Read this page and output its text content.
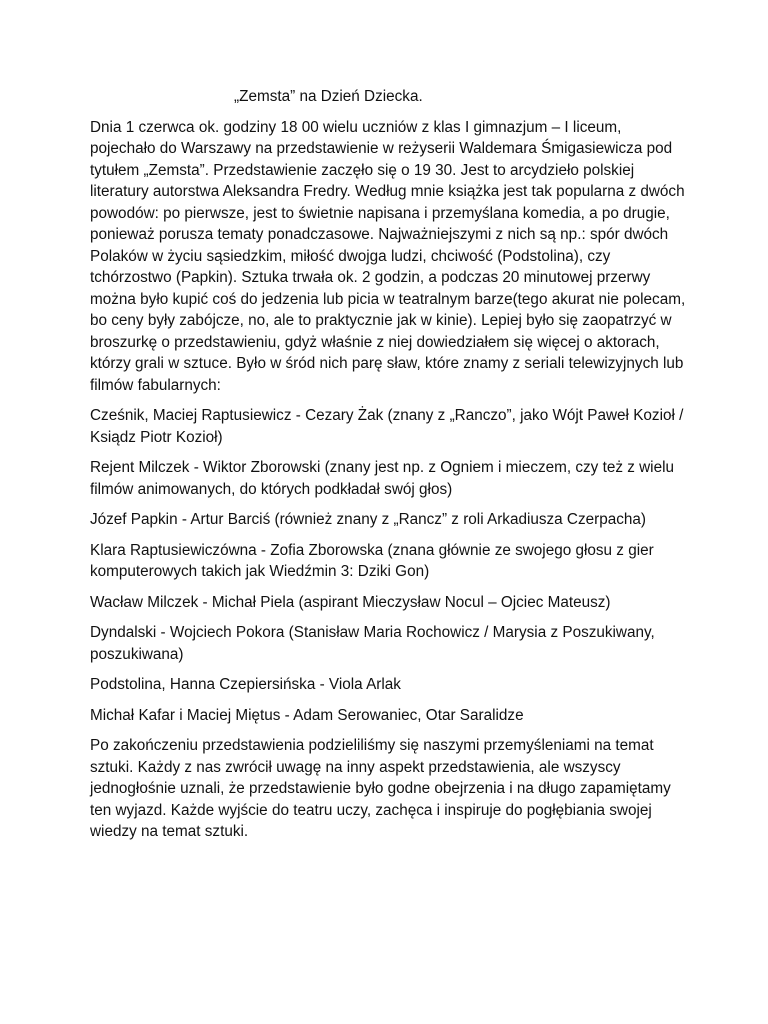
„Zemsta” na Dzień Dziecka.

Dnia 1 czerwca ok. godziny 18 00 wielu uczniów z klas I gimnazjum – I liceum, pojechało do Warszawy na przedstawienie w reżyserii Waldemara Śmigasiewicza pod tytułem „Zemsta”. Przedstawienie zaczęło się o 19 30. Jest to arcydzieło polskiej literatury autorstwa Aleksandra Fredry. Według mnie książka jest tak popularna z dwóch powodów: po pierwsze, jest to świetnie napisana i przemyślana komedia, a po drugie, ponieważ porusza tematy ponadczasowe. Najważniejszymi z nich są np.: spór dwóch Polaków w życiu sąsiedzkim, miłość dwojga ludzi, chciwość (Podstolina), czy tchórzostwo (Papkin). Sztuka trwała ok. 2 godzin, a podczas 20 minutowej przerwy można było kupić coś do jedzenia lub picia w teatralnym barze(tego akurat nie polecam, bo ceny były zabójcze, no, ale to praktycznie jak w kinie). Lepiej było się zaopatrzyć w broszurkę o przedstawieniu, gdyż właśnie z niej dowiedziałem się więcej o aktorach, którzy grali w sztuce. Było w śród nich parę sław, które znamy z seriali telewizyjnych lub filmów fabularnych:

Cześnik, Maciej Raptusiewicz - Cezary Żak (znany z „Ranczo”, jako Wójt Paweł Kozioł / Ksiądz Piotr Kozioł)

Rejent Milczek - Wiktor Zborowski (znany jest np. z Ogniem i mieczem, czy też z wielu filmów animowanych, do których podkładał swój głos)

Józef Papkin - Artur Barciś (również znany z „Rancz” z roli Arkadiusza Czerpacha)

Klara Raptusiewiczówna - Zofia Zborowska (znana głównie ze swojego głosu z gier komputerowych takich jak Wiedźmin 3: Dziki Gon)

Wacław Milczek - Michał Piela (aspirant Mieczysław Nocul – Ojciec Mateusz)

Dyndalski - Wojciech Pokora (Stanisław Maria Rochowicz / Marysia z Poszukiwany, poszukiwana)

Podstolina, Hanna Czepiersińska - Viola Arlak

Michał Kafar i Maciej Miętus - Adam Serowaniec, Otar Saralidze

Po zakończeniu przedstawienia podzieliliśmy się naszymi przemyśleniami na temat sztuki. Każdy z nas zwrócił uwagę na inny aspekt przedstawienia, ale wszyscy jednogłośnie uznali, że przedstawienie było godne obejrzenia i na długo zapamiętamy ten wyjazd. Każde wyjście do teatru uczy, zachęca i inspiruje do pogłębiania swojej wiedzy na temat sztuki.
